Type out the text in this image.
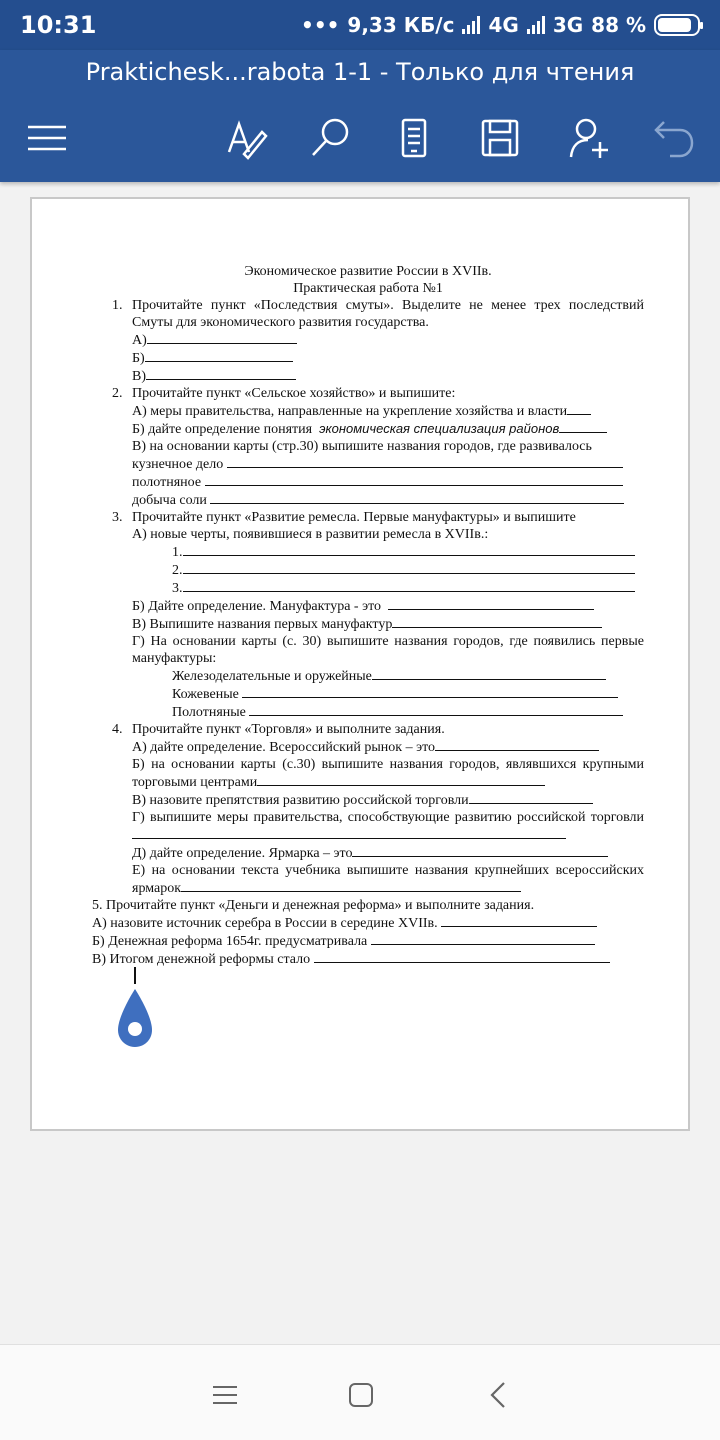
10:31	••• 9,33 КБ/с 4G 3G 88 %
Praktichesk...rabota 1-1 - Только для чтения
Экономическое развитие России в XVIIв.
Практическая работа №1
1. Прочитайте пункт «Последствия смуты». Выделите не менее трех последствий Смуты для экономического развития государства.
А)
Б)
В)
2. Прочитайте пункт «Сельское хозяйство» и выпишите:
А) меры правительства, направленные на укрепление хозяйства и власти
Б) дайте определение понятия
экономическая специализация районов
В) на основании карты (стр.30) выпишите названия городов, где развивалось
кузнечное дело

полотняное

добыча соли

3. Прочитайте пункт «Развитие ремесла. Первые мануфактуры» и выпишите
А) новые черты, появившиеся в развитии ремесла в XVIIв.:
1.
2.
3.
Б) Дайте определение. Мануфактура - это

В) Выпишите названия первых мануфактур
Г) На основании карты (с. 30) выпишите названия городов, где появились первые мануфактуры:
Железоделательные и оружейные
Кожевеные

Полотняные

4. Прочитайте пункт «Торговля» и выполните задания.
А) дайте определение. Всероссийский рынок – это
Б) на основании карты (с.30) выпишите названия городов, являвшихся крупными торговыми центрами
В) назовите препятствия развитию российской торговли
Г) выпишите меры правительства, способствующие развитию российской торговли
Д) дайте определение. Ярмарка – это
Е) на основании текста учебника выпишите названия крупнейших всероссийских ярмарок
5. Прочитайте пункт «Деньги и денежная реформа» и выполните задания.
А) назовите источник серебра в России в середине XVIIв.

Б) Денежная реформа 1654г. предусматривала

В) Итогом денежной реформы стало
